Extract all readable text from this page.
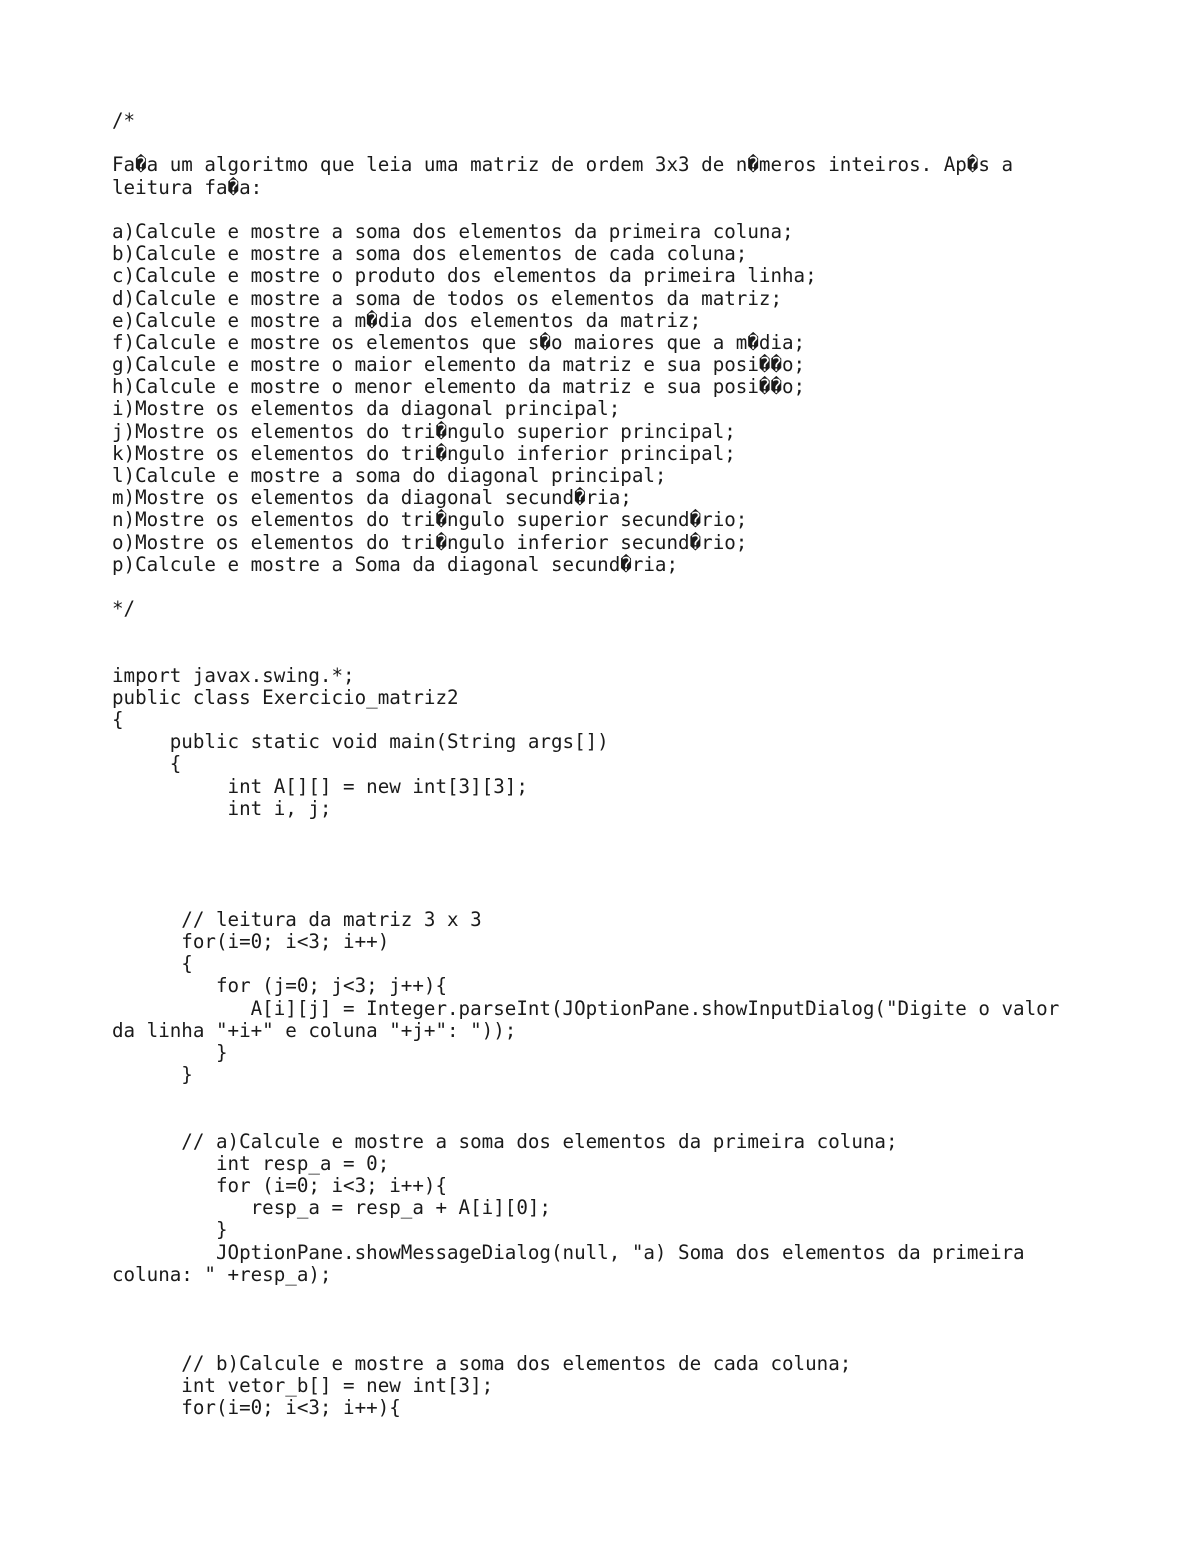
/*
Fa�a um algoritmo que leia uma matriz de ordem 3x3 de n�meros inteiros. Ap�s a
leitura fa�a:
a)Calcule e mostre a soma dos elementos da primeira coluna;
b)Calcule e mostre a soma dos elementos de cada coluna;
c)Calcule e mostre o produto dos elementos da primeira linha;
d)Calcule e mostre a soma de todos os elementos da matriz;
e)Calcule e mostre a m�dia dos elementos da matriz;
f)Calcule e mostre os elementos que s�o maiores que a m�dia;
g)Calcule e mostre o maior elemento da matriz e sua posi��o;
h)Calcule e mostre o menor elemento da matriz e sua posi��o;
i)Mostre os elementos da diagonal principal;
j)Mostre os elementos do tri�ngulo superior principal;
k)Mostre os elementos do tri�ngulo inferior principal;
l)Calcule e mostre a soma do diagonal principal;
m)Mostre os elementos da diagonal secund�ria;
n)Mostre os elementos do tri�ngulo superior secund�rio;
o)Mostre os elementos do tri�ngulo inferior secund�rio;
p)Calcule e mostre a Soma da diagonal secund�ria;
*/
import javax.swing.*;
public class Exercicio_matriz2
{
public static void main(String args[])
{
int A[][] = new int[3][3];
int i, j;
// leitura da matriz 3 x 3
for(i=0; i<3; i++)
{
for (j=0; j<3; j++){
A[i][j] = Integer.parseInt(JOptionPane.showInputDialog("Digite o valor
da linha "+i+" e coluna "+j+": "));
}
}
// a)Calcule e mostre a soma dos elementos da primeira coluna;
int resp_a = 0;
for (i=0; i<3; i++){
resp_a = resp_a + A[i][0];
}
JOptionPane.showMessageDialog(null, "a) Soma dos elementos da primeira
coluna: " +resp_a);
// b)Calcule e mostre a soma dos elementos de cada coluna;
int vetor_b[] = new int[3];
for(i=0; i<3; i++){
